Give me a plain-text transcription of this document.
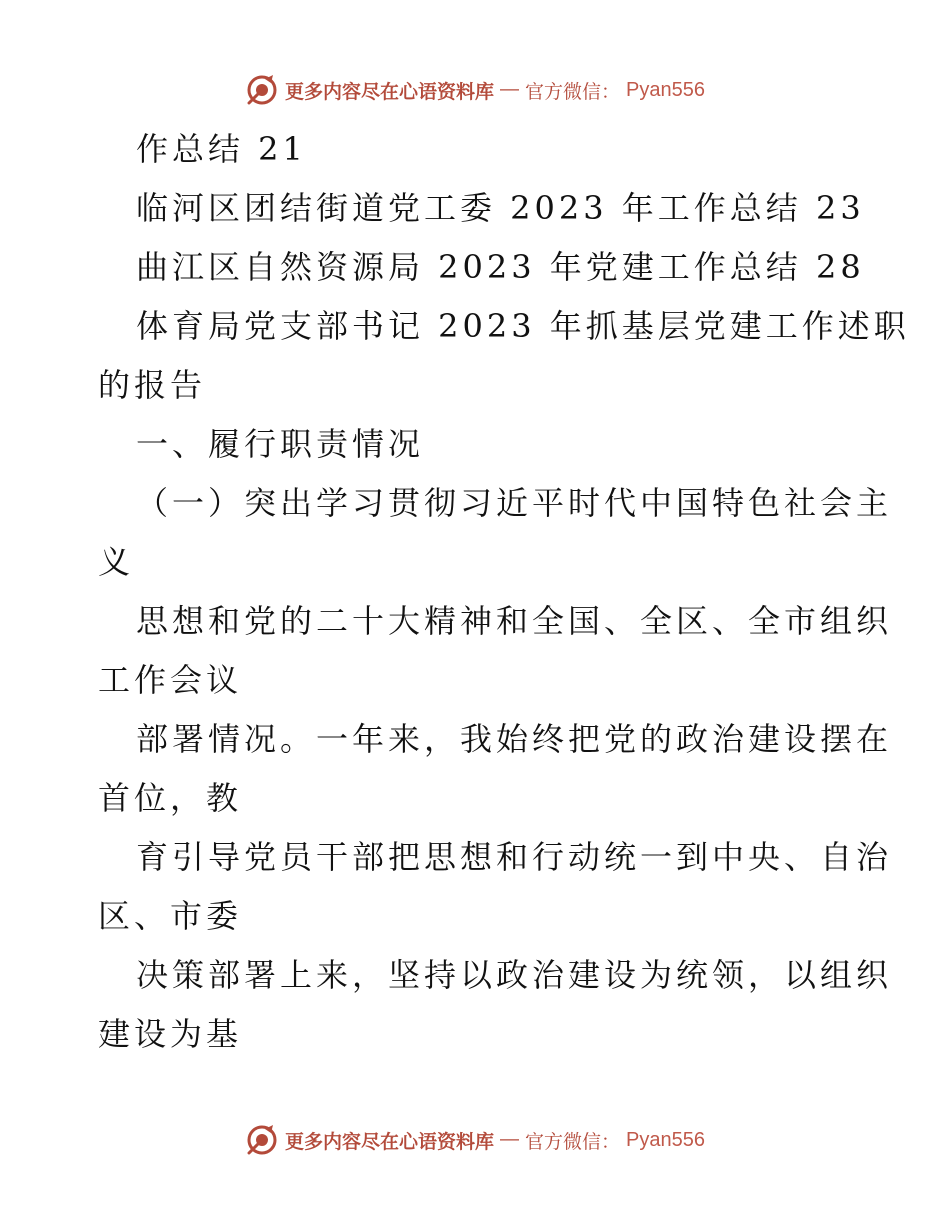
更多内容尽在心语资料库 — 官方微信： Pyan556
作总结 21
临河区团结街道党工委 2023 年工作总结 23
曲江区自然资源局 2023 年党建工作总结 28
体育局党支部书记 2023 年抓基层党建工作述职
的报告
一、履行职责情况
（一）突出学习贯彻习近平时代中国特色社会主
义
思想和党的二十大精神和全国、全区、全市组织
工作会议
部署情况。一年来，我始终把党的政治建设摆在
首位，教
育引导党员干部把思想和行动统一到中央、自治
区、市委
决策部署上来，坚持以政治建设为统领，以组织
建设为基
更多内容尽在心语资料库 — 官方微信： Pyan556
